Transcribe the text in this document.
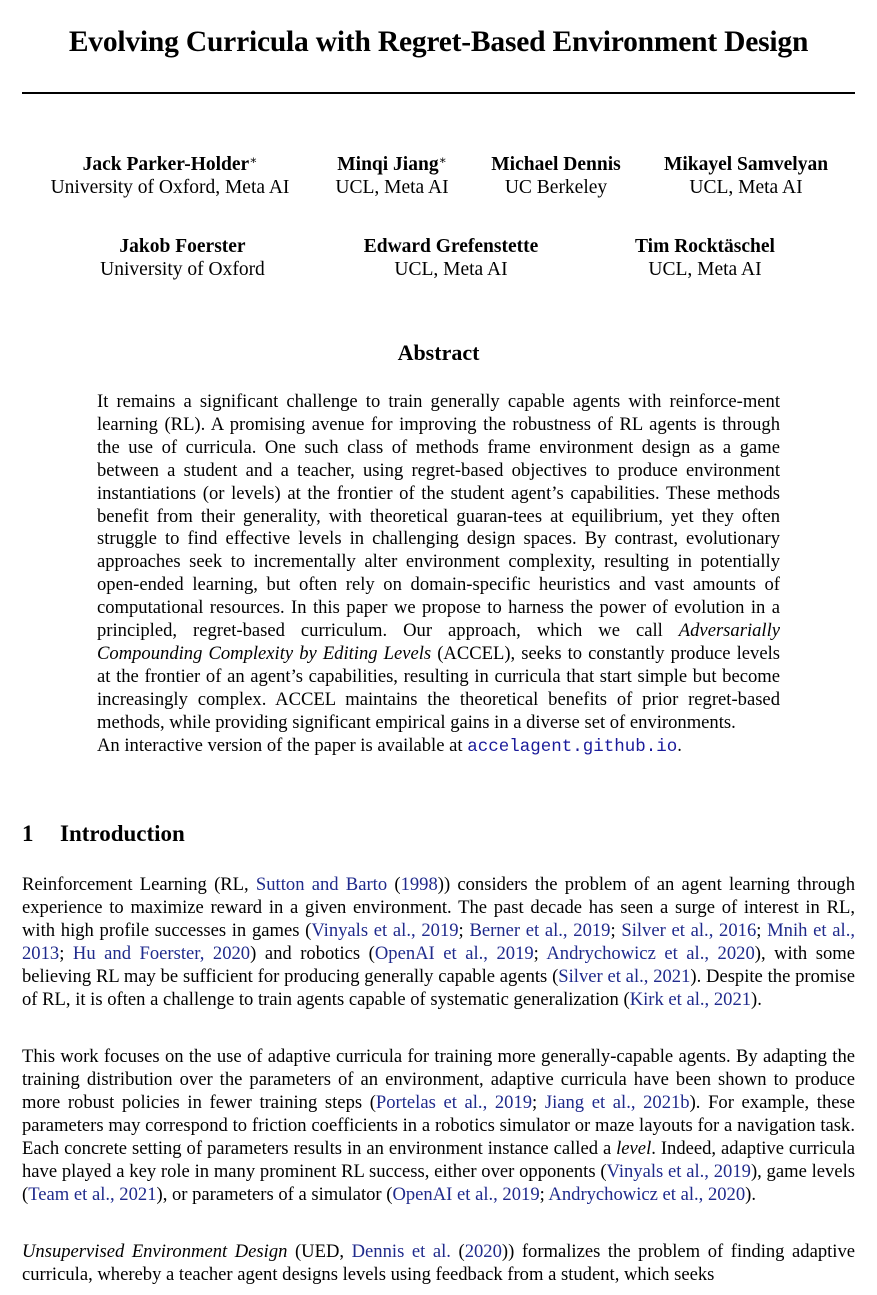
Evolving Curricula with Regret-Based Environment Design
Jack Parker-Holder∗
University of Oxford, Meta AI
Minqi Jiang∗
UCL, Meta AI
Michael Dennis
UC Berkeley
Mikayel Samvelyan
UCL, Meta AI
Jakob Foerster
University of Oxford
Edward Grefenstette
UCL, Meta AI
Tim Rocktäschel
UCL, Meta AI
Abstract

It remains a significant challenge to train generally capable agents with reinforce-ment learning (RL). A promising avenue for improving the robustness of RL agents is through the use of curricula. One such class of methods frame environment design as a game between a student and a teacher, using regret-based objectives to produce environment instantiations (or levels) at the frontier of the student agent’s capabilities. These methods benefit from their generality, with theoretical guaran-tees at equilibrium, yet they often struggle to find effective levels in challenging design spaces. By contrast, evolutionary approaches seek to incrementally alter environment complexity, resulting in potentially open-ended learning, but often rely on domain-specific heuristics and vast amounts of computational resources. In this paper we propose to harness the power of evolution in a principled, regret-based curriculum. Our approach, which we call Adversarially Compounding Complexity by Editing Levels (ACCEL), seeks to constantly produce levels at the frontier of an agent’s capabilities, resulting in curricula that start simple but become increasingly complex. ACCEL maintains the theoretical benefits of prior regret-based methods, while providing significant empirical gains in a diverse set of environments.

An interactive version of the paper is available at accelagent.github.io.

1 Introduction

Reinforcement Learning (RL, Sutton and Barto (1998)) considers the problem of an agent learning through experience to maximize reward in a given environment. The past decade has seen a surge of interest in RL, with high profile successes in games (Vinyals et al., 2019; Berner et al., 2019; Silver et al., 2016; Mnih et al., 2013; Hu and Foerster, 2020) and robotics (OpenAI et al., 2019; Andrychowicz et al., 2020), with some believing RL may be sufficient for producing generally capable agents (Silver et al., 2021). Despite the promise of RL, it is often a challenge to train agents capable of systematic generalization (Kirk et al., 2021).

This work focuses on the use of adaptive curricula for training more generally-capable agents. By adapting the training distribution over the parameters of an environment, adaptive curricula have been shown to produce more robust policies in fewer training steps (Portelas et al., 2019; Jiang et al., 2021b). For example, these parameters may correspond to friction coefficients in a robotics simulator or maze layouts for a navigation task. Each concrete setting of parameters results in an environment instance called a level. Indeed, adaptive curricula have played a key role in many prominent RL success, either over opponents (Vinyals et al., 2019), game levels (Team et al., 2021), or parameters of a simulator (OpenAI et al., 2019; Andrychowicz et al., 2020).

Unsupervised Environment Design (UED, Dennis et al. (2020)) formalizes the problem of finding adaptive curricula, whereby a teacher agent designs levels using feedback from a student, which seeks
